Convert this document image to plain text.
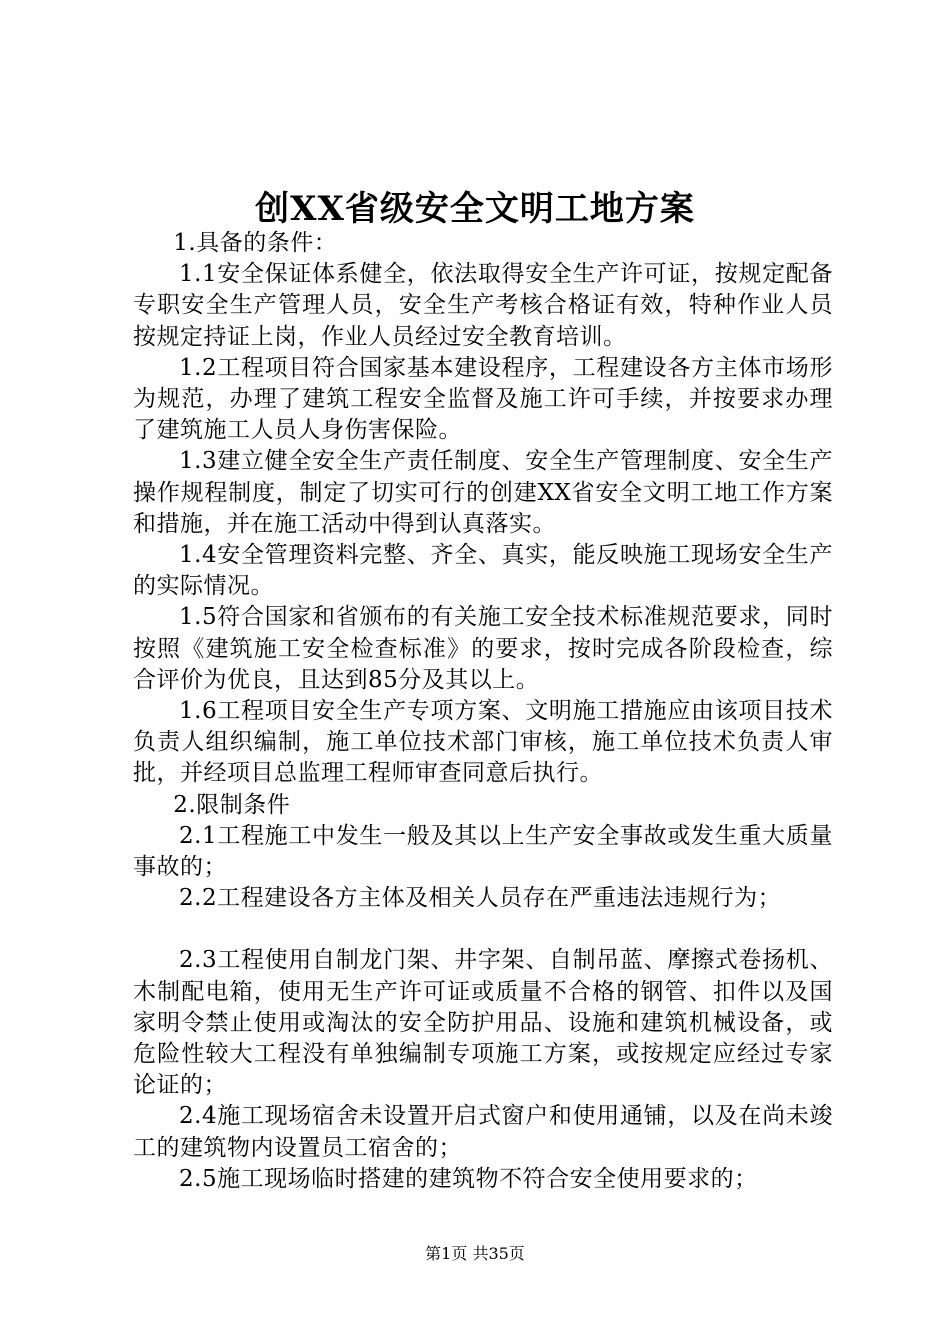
创XX省级安全文明工地方案

1.具备的条件：

1.1安全保证体系健全，依法取得安全生产许可证，按规定配备专职安全生产管理人员，安全生产考核合格证有效，特种作业人员按规定持证上岗，作业人员经过安全教育培训。

1.2工程项目符合国家基本建设程序，工程建设各方主体市场形为规范，办理了建筑工程安全监督及施工许可手续，并按要求办理了建筑施工人员人身伤害保险。

1.3建立健全安全生产责任制度、安全生产管理制度、安全生产操作规程制度，制定了切实可行的创建XX省安全文明工地工作方案和措施，并在施工活动中得到认真落实。

1.4安全管理资料完整、齐全、真实，能反映施工现场安全生产的实际情况。

1.5符合国家和省颁布的有关施工安全技术标准规范要求，同时按照《建筑施工安全检查标准》的要求，按时完成各阶段检查，综合评价为优良，且达到85分及其以上。

1.6工程项目安全生产专项方案、文明施工措施应由该项目技术负责人组织编制，施工单位技术部门审核，施工单位技术负责人审批，并经项目总监理工程师审查同意后执行。

2.限制条件

2.1工程施工中发生一般及其以上生产安全事故或发生重大质量事故的；

2.2工程建设各方主体及相关人员存在严重违法违规行为；

2.3工程使用自制龙门架、井字架、自制吊蓝、摩擦式卷扬机、木制配电箱，使用无生产许可证或质量不合格的钢管、扣件以及国家明令禁止使用或淘汰的安全防护用品、设施和建筑机械设备，或危险性较大工程没有单独编制专项施工方案，或按规定应经过专家论证的；

2.4施工现场宿舍未设置开启式窗户和使用通铺，以及在尚未竣工的建筑物内设置员工宿舍的；

2.5施工现场临时搭建的建筑物不符合安全使用要求的；

第1页 共35页
